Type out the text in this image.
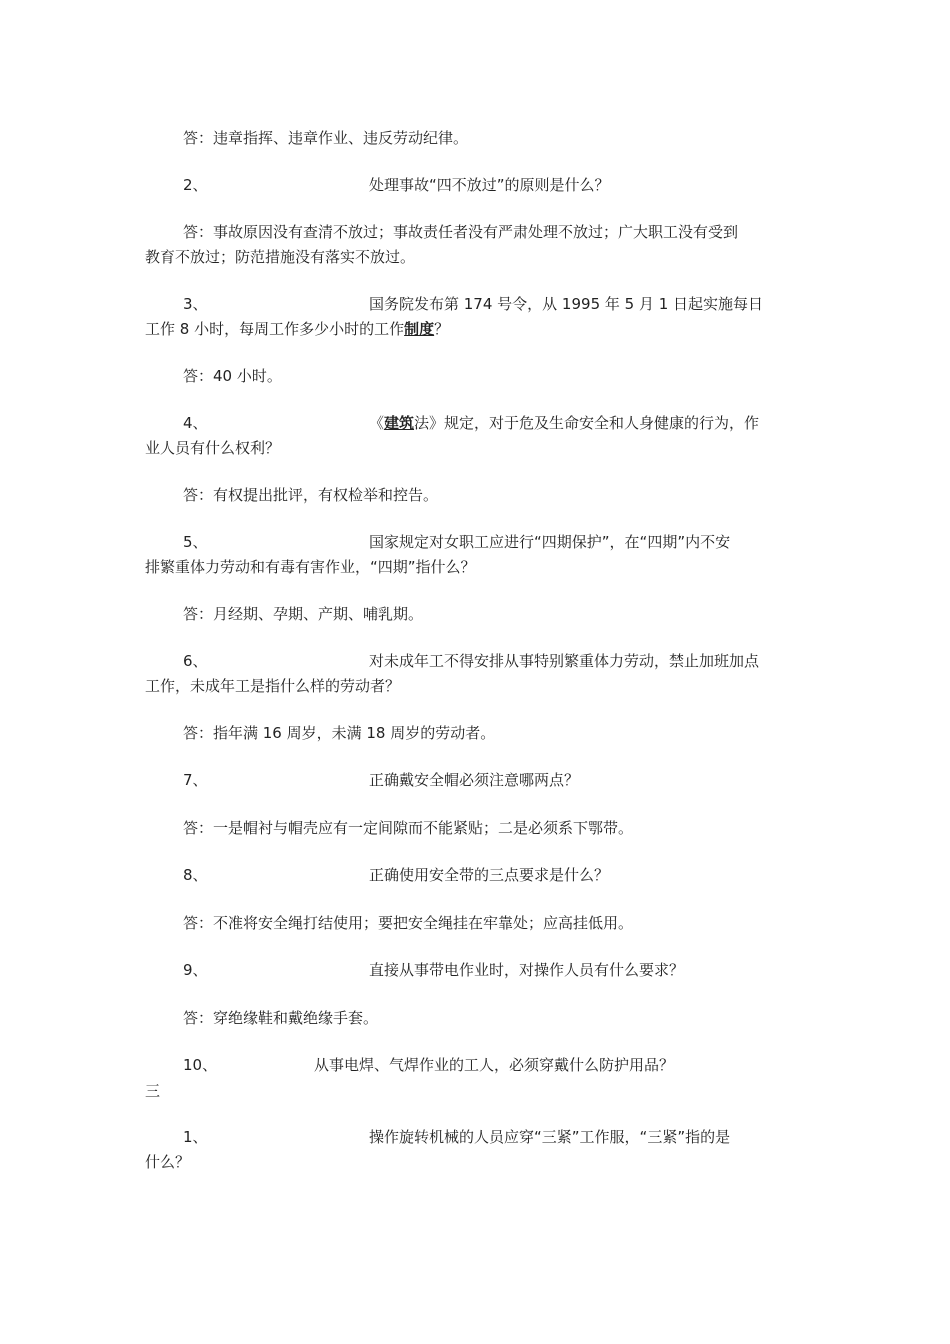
答：违章指挥、违章作业、违反劳动纪律。
2、	处理事故“四不放过”的原则是什么？
答：事故原因没有查清不放过；事故责任者没有严肃处理不放过；广大职工没有受到
教育不放过；防范措施没有落实不放过。
3、	国务院发布第 174 号令，从 1995 年 5 月 1 日起实施每日
工作 8 小时，每周工作多少小时的工作制度？
答：40 小时。
4、	《建筑法》规定，对于危及生命安全和人身健康的行为，作
业人员有什么权利？
答：有权提出批评，有权检举和控告。
5、	国家规定对女职工应进行“四期保护”，在“四期”内不安
排繁重体力劳动和有毒有害作业，“四期”指什么？
答：月经期、孕期、产期、哺乳期。
6、	对未成年工不得安排从事特别繁重体力劳动，禁止加班加点
工作，未成年工是指什么样的劳动者？
答：指年满 16 周岁，未满 18 周岁的劳动者。
7、	正确戴安全帽必须注意哪两点？
答：一是帽衬与帽壳应有一定间隙而不能紧贴；二是必须系下鄂带。
8、	正确使用安全带的三点要求是什么？
答：不准将安全绳打结使用；要把安全绳挂在牢靠处；应高挂低用。
9、	直接从事带电作业时，对操作人员有什么要求？
答：穿绝缘鞋和戴绝缘手套。
10、	从事电焊、气焊作业的工人，必须穿戴什么防护用品？
三
1、	操作旋转机械的人员应穿“三紧”工作服，“三紧”指的是
什么？
